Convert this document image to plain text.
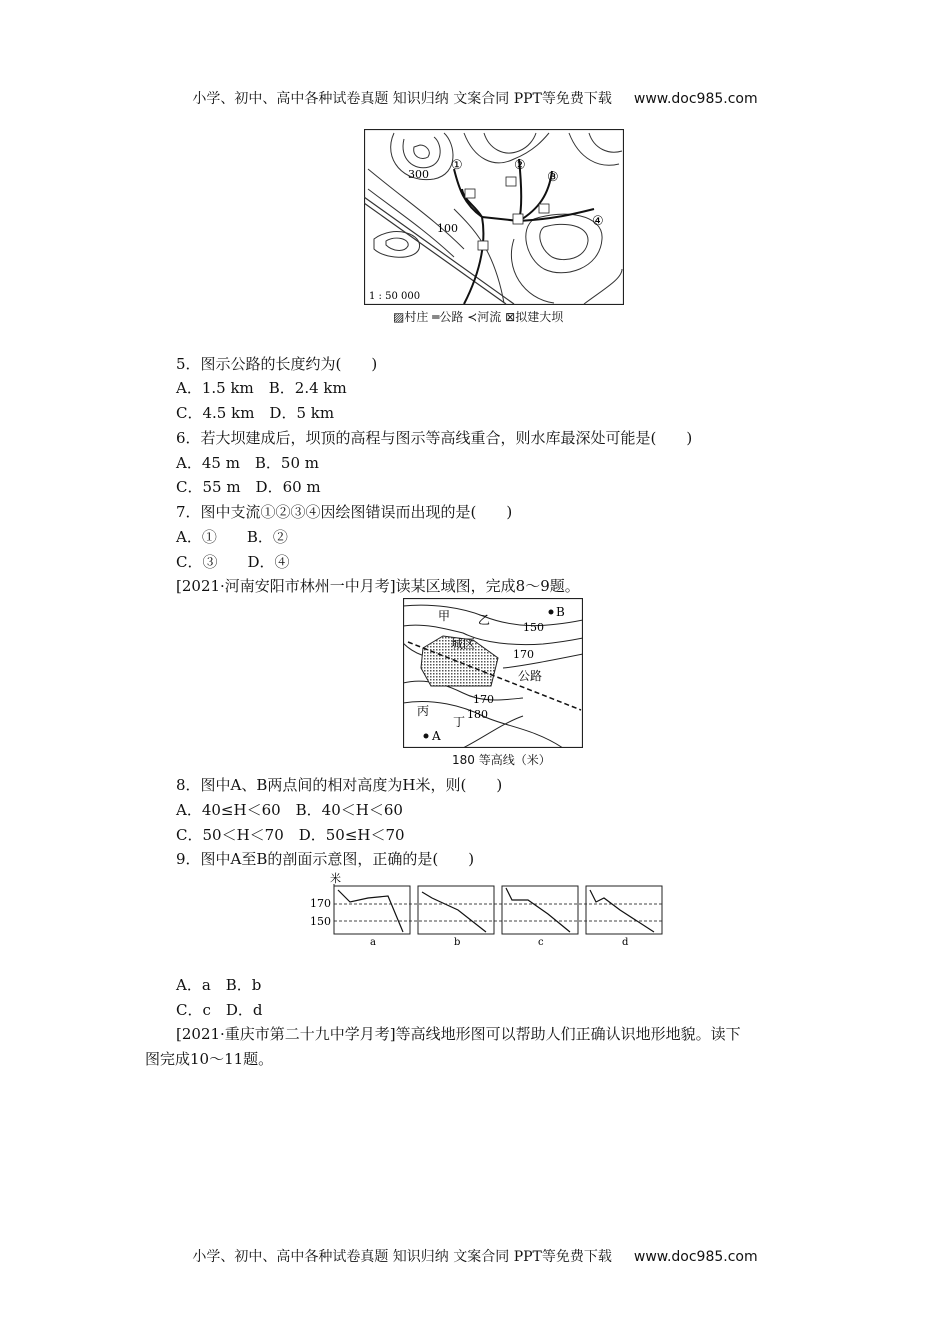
小学、初中、高中各种试卷真题 知识归纳 文案合同 PPT等免费下载 www.doc985.com
①	②
③
④
300
100
1 : 50 000
▨村庄 ═公路 ≺河流 ⊠拟建大坝
5．图示公路的长度约为(　　)
A．1.5 km　B．2.4 km
C．4.5 km　D．5 km
6．若大坝建成后，坝顶的高程与图示等高线重合，则水库最深处可能是(　　)
A．45 m　B．50 m
C．55 m　D．60 m
7．图中支流①②③④因绘图错误而出现的是(　　)
A．①　　B．②
C．③　　D．④
[2021·河南安阳市林州一中月考]读某区域图，完成8～9题。
甲 乙
B
150
城区
170
公路
170
180
丙
丁
A
180 等高线（米）
8．图中A、B两点间的相对高度为H米，则(　　)
A．40≤H＜60　B．40＜H＜60
C．50＜H＜70　D．50≤H＜70
9．图中A至B的剖面示意图，正确的是(　　)
米
170
150
a	b	c	d
A．a　B．b
C．c　D．d
[2021·重庆市第二十九中学月考]等高线地形图可以帮助人们正确认识地形地貌。读下
图完成10～11题。
小学、初中、高中各种试卷真题 知识归纳 文案合同 PPT等免费下载 www.doc985.com
